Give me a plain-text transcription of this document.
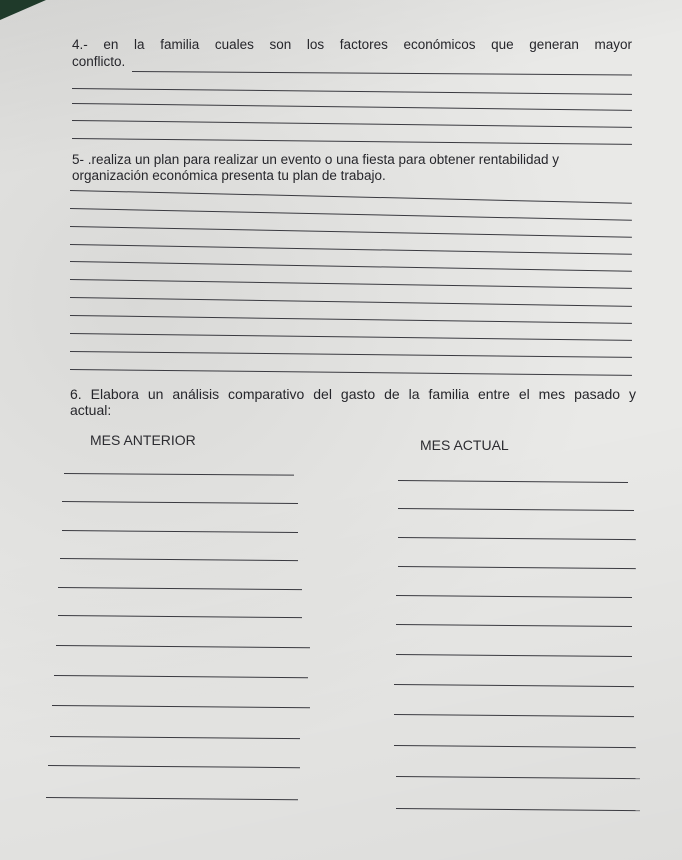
4.- en la familia cuales son los factores económicos que generan mayor
conflicto.
5- .realiza un plan para realizar un evento o una fiesta para obtener rentabilidad y
organización económica presenta tu plan de trabajo.
6. Elabora un análisis comparativo del gasto de la familia entre el mes pasado y
actual:
MES ANTERIOR	MES ACTUAL
